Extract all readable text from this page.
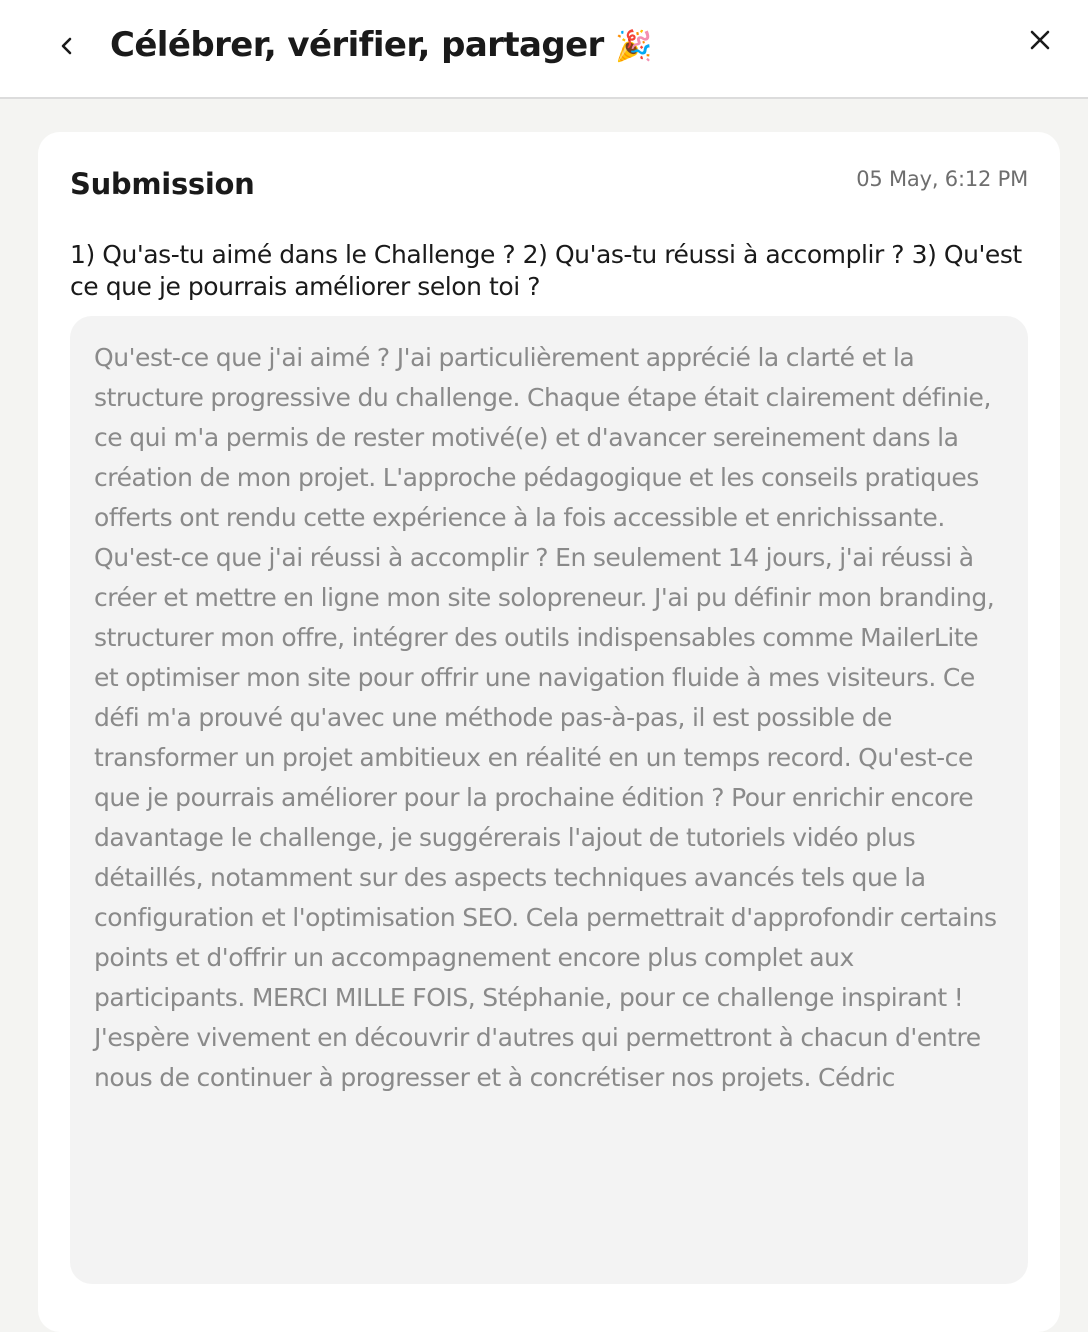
Célébrer, vérifier, partager 🎉
Submission	05 May, 6:12 PM
1) Qu'as-tu aimé dans le Challenge ? 2) Qu'as-tu réussi à accomplir ? 3) Qu'est ce que je pourrais améliorer selon toi ?
Qu'est-ce que j'ai aimé ? J'ai particulièrement apprécié la clarté et la structure progressive du challenge. Chaque étape était clairement définie, ce qui m'a permis de rester motivé(e) et d'avancer sereinement dans la création de mon projet. L'approche pédagogique et les conseils pratiques offerts ont rendu cette expérience à la fois accessible et enrichissante. Qu'est-ce que j'ai réussi à accomplir ? En seulement 14 jours, j'ai réussi à créer et mettre en ligne mon site solopreneur. J'ai pu définir mon branding, structurer mon offre, intégrer des outils indispensables comme MailerLite et optimiser mon site pour offrir une navigation fluide à mes visiteurs. Ce défi m'a prouvé qu'avec une méthode pas-à-pas, il est possible de transformer un projet ambitieux en réalité en un temps record. Qu'est-ce que je pourrais améliorer pour la prochaine édition ? Pour enrichir encore davantage le challenge, je suggérerais l'ajout de tutoriels vidéo plus détaillés, notamment sur des aspects techniques avancés tels que la configuration et l'optimisation SEO. Cela permettrait d'approfondir certains points et d'offrir un accompagnement encore plus complet aux participants. MERCI MILLE FOIS, Stéphanie, pour ce challenge inspirant ! J'espère vivement en découvrir d'autres qui permettront à chacun d'entre nous de continuer à progresser et à concrétiser nos projets. Cédric
